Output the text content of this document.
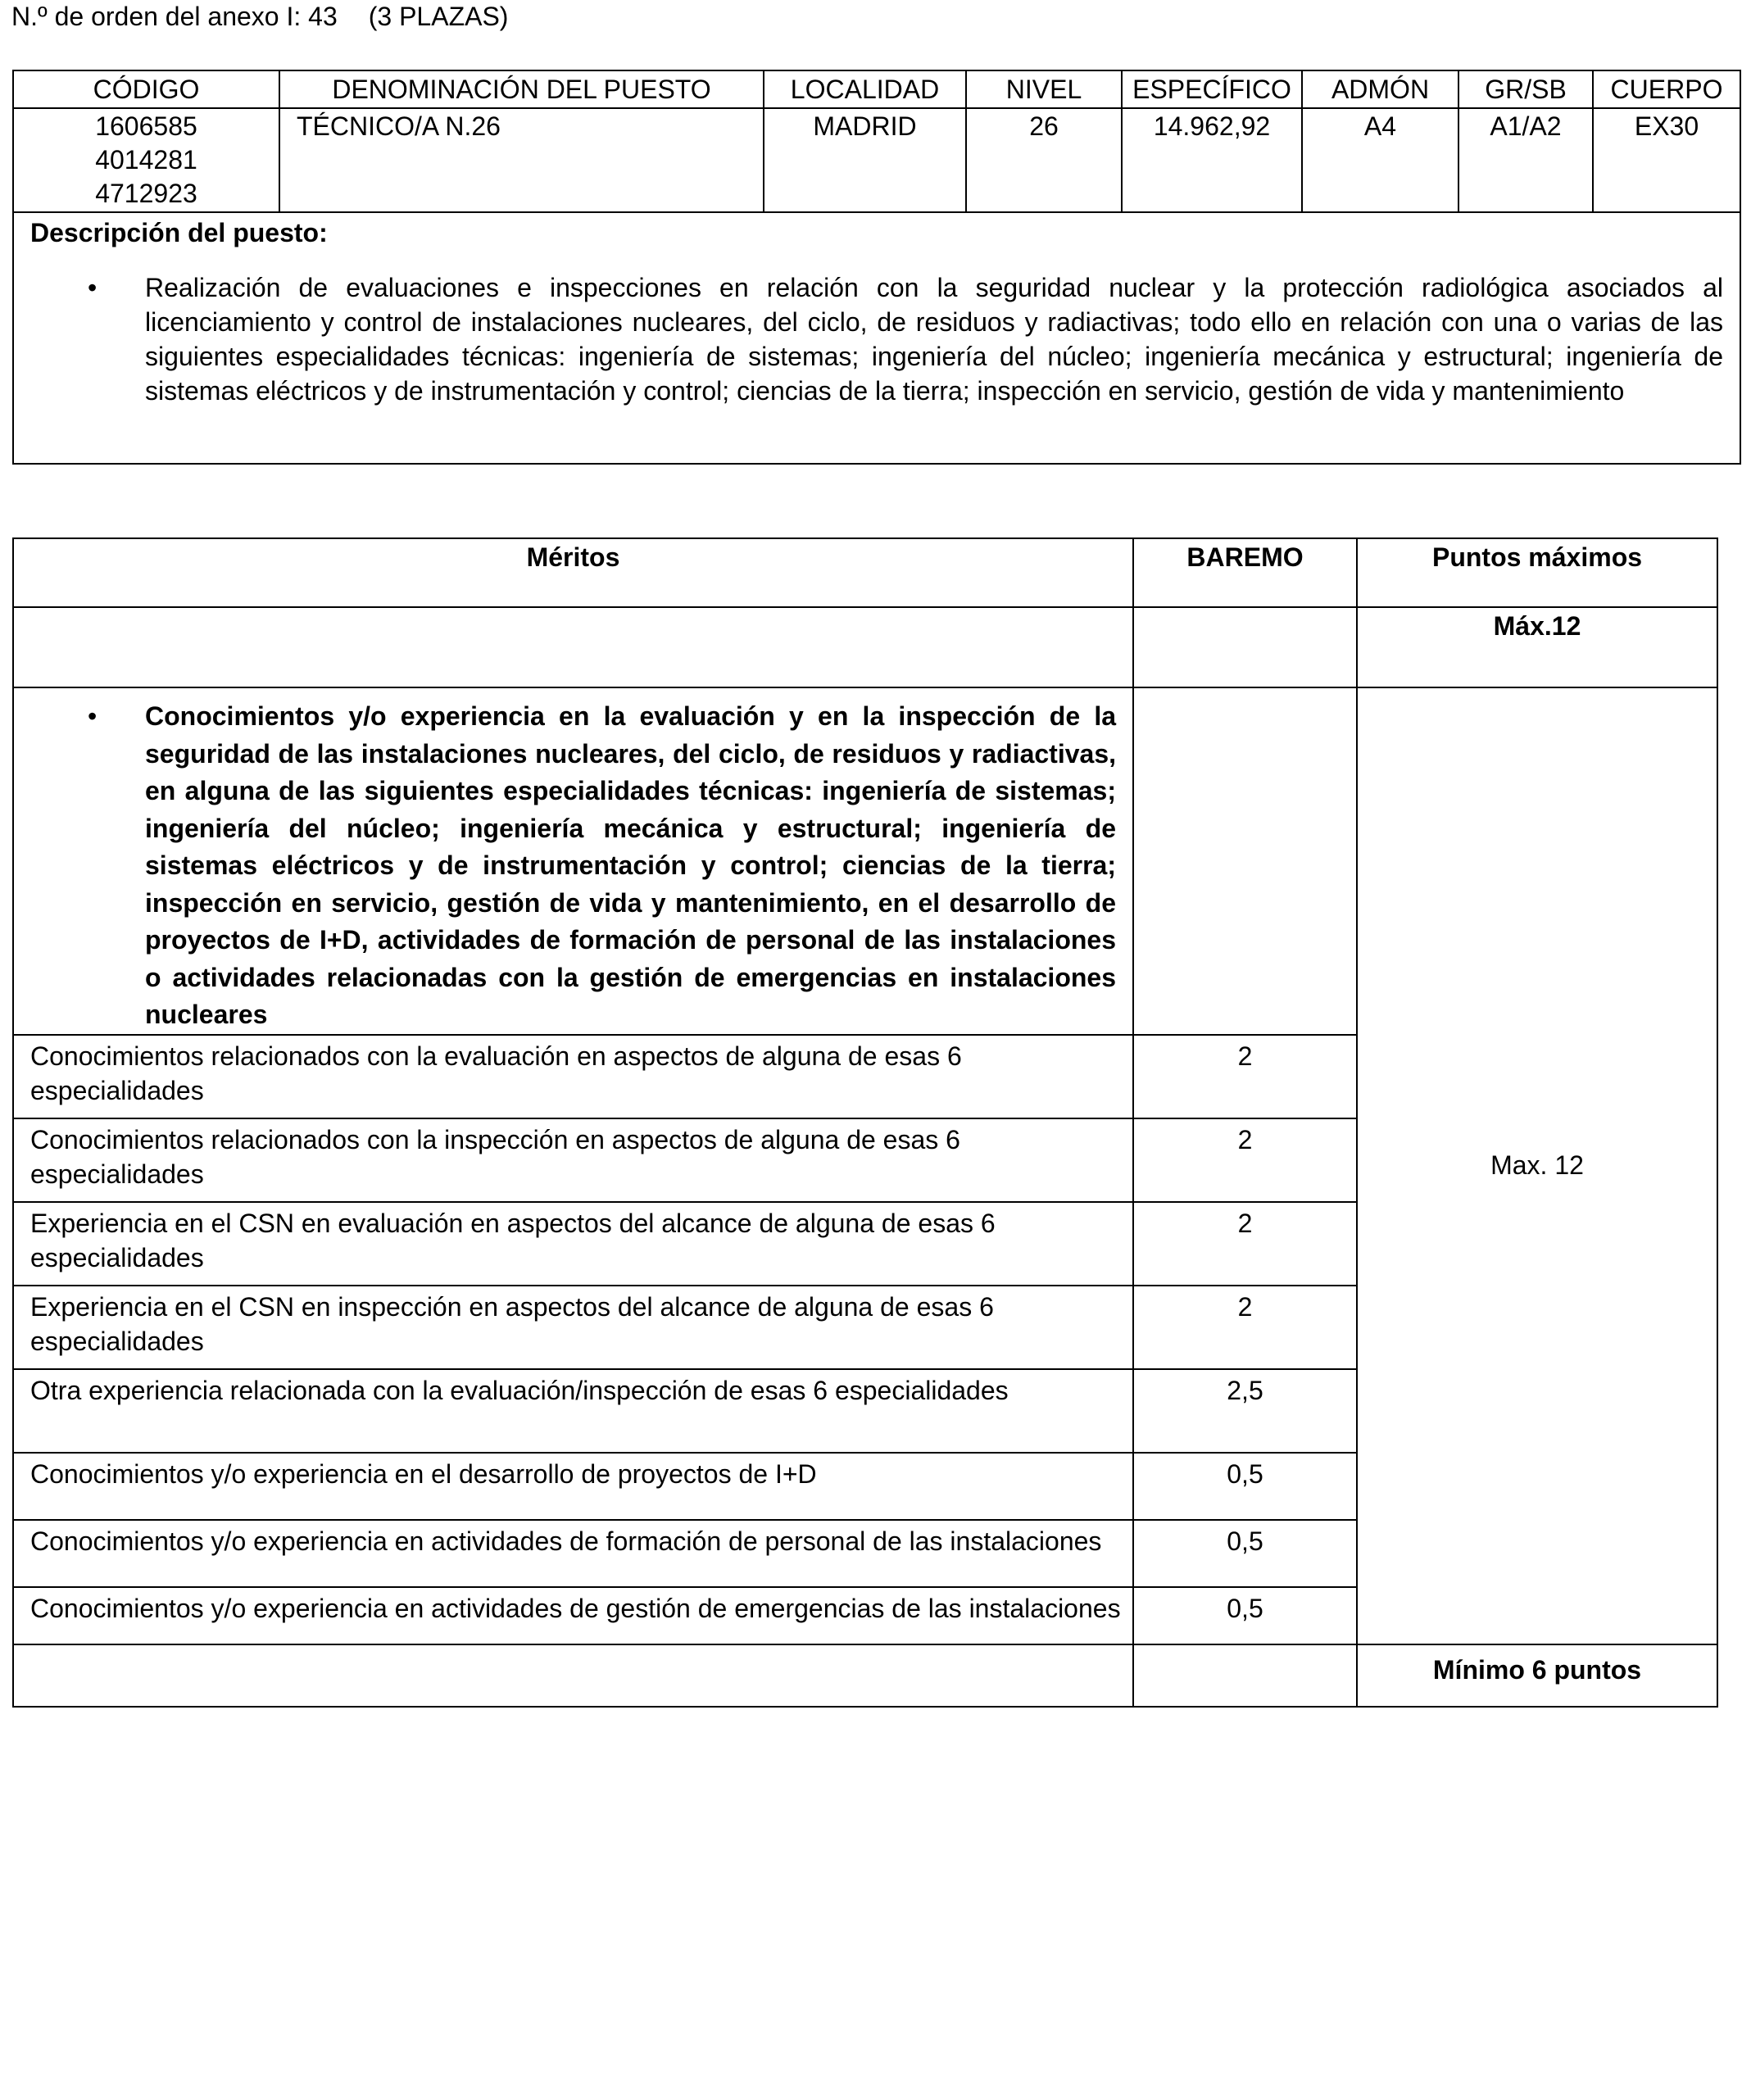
N.º de orden del anexo I: 43 (3 PLAZAS)
CÓDIGO	DENOMINACIÓN DEL PUESTO	LOCALIDAD	NIVEL	ESPECÍFICO	ADMÓN	GR/SB	CUERPO

1606585
4014281
4712923	TÉCNICO/A N.26	MADRID	26	14.962,92	A4	A1/A2	EX30

Descripción del puesto:
• Realización de evaluaciones e inspecciones en relación con la seguridad nuclear y la protección radiológica asociados al licenciamiento y control de instalaciones nucleares, del ciclo, de residuos y radiactivas; todo ello en relación con una o varias de las siguientes especialidades técnicas: ingeniería de sistemas; ingeniería del núcleo; ingeniería mecánica y estructural; ingeniería de sistemas eléctricos y de instrumentación y control; ciencias de la tierra; inspección en servicio, gestión de vida y mantenimiento
Méritos	BAREMO	Puntos máximos
		Máx.12

• Conocimientos y/o experiencia en la evaluación y en la inspección de la seguridad de las instalaciones nucleares, del ciclo, de residuos y radiactivas, en alguna de las siguientes especialidades técnicas: ingeniería de sistemas; ingeniería del núcleo; ingeniería mecánica y estructural; ingeniería de sistemas eléctricos y de instrumentación y control; ciencias de la tierra; inspección en servicio, gestión de vida y mantenimiento, en el desarrollo de proyectos de I+D, actividades de formación de personal de las instalaciones o actividades relacionadas con la gestión de emergencias en instalaciones nucleares		Max. 12
Conocimientos relacionados con la evaluación en aspectos de alguna de esas 6 especialidades	2	
Conocimientos relacionados con la inspección en aspectos de alguna de esas 6 especialidades	2	
Experiencia en el CSN en evaluación en aspectos del alcance de alguna de esas 6 especialidades	2	
Experiencia en el CSN en inspección en aspectos del alcance de alguna de esas 6 especialidades	2	
Otra experiencia relacionada con la evaluación/inspección de esas 6 especialidades	2,5	
Conocimientos y/o experiencia en el desarrollo de proyectos de I+D	0,5	
Conocimientos y/o experiencia en actividades de formación de personal de las instalaciones	0,5	
Conocimientos y/o experiencia en actividades de gestión de emergencias de las instalaciones	0,5	
		Mínimo 6 puntos
